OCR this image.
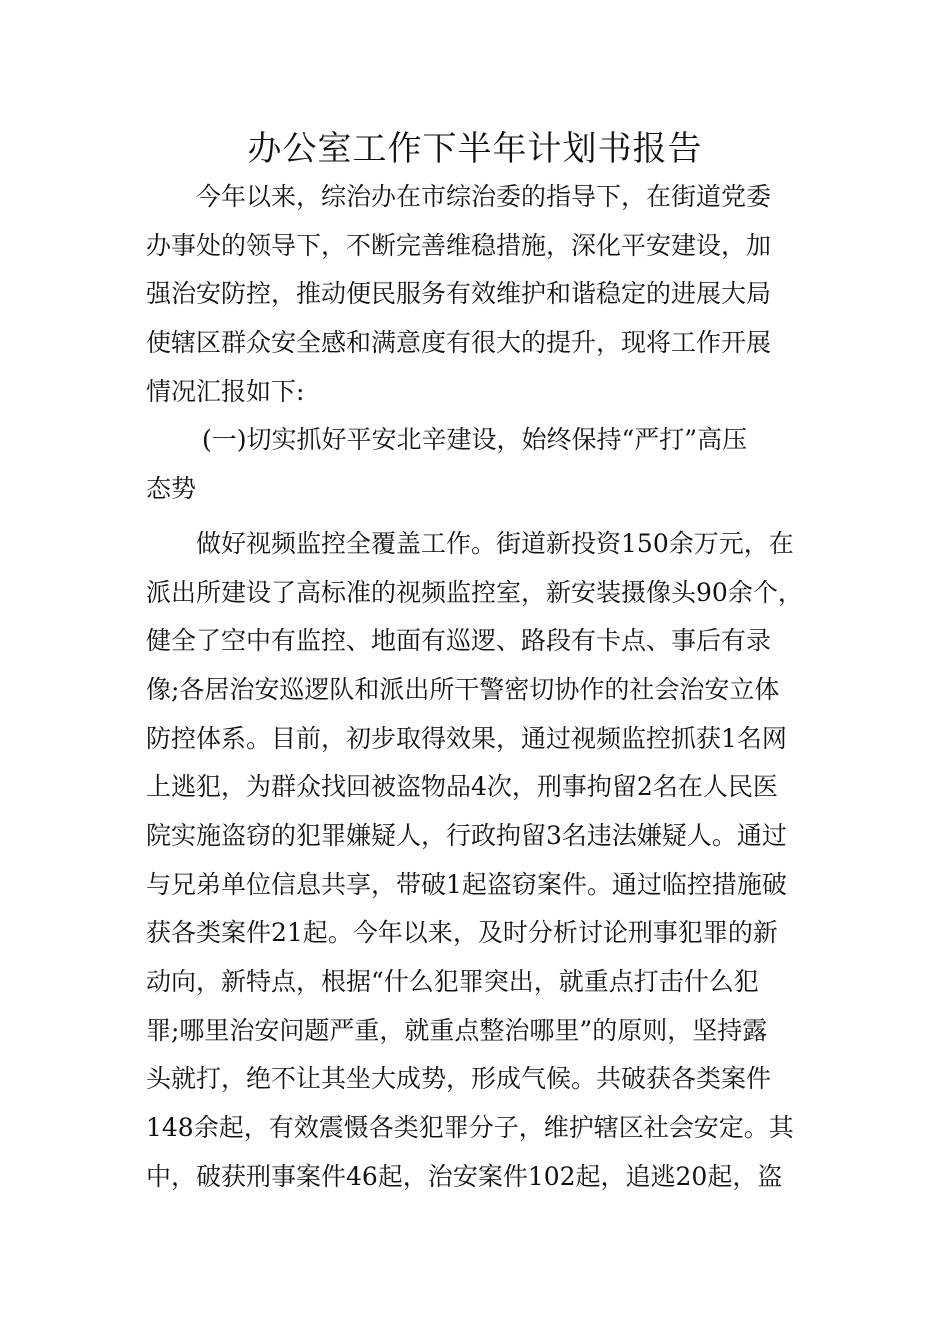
办公室工作下半年计划书报告
今年以来，综治办在市综治委的指导下，在街道党委
办事处的领导下，不断完善维稳措施，深化平安建设，加
强治安防控，推动便民服务有效维护和谐稳定的进展大局
使辖区群众安全感和满意度有很大的提升，现将工作开展
情况汇报如下:
(一)切实抓好平安北辛建设，始终保持“严打”高压
态势
做好视频监控全覆盖工作。街道新投资150余万元，在
派出所建设了高标准的视频监控室，新安装摄像头90余个，
健全了空中有监控、地面有巡逻、路段有卡点、事后有录
像;各居治安巡逻队和派出所干警密切协作的社会治安立体
防控体系。目前，初步取得效果，通过视频监控抓获1名网
上逃犯，为群众找回被盗物品4次，刑事拘留2名在人民医
院实施盗窃的犯罪嫌疑人，行政拘留3名违法嫌疑人。通过
与兄弟单位信息共享，带破1起盗窃案件。通过临控措施破
获各类案件21起。今年以来，及时分析讨论刑事犯罪的新
动向，新特点，根据“什么犯罪突出，就重点打击什么犯
罪;哪里治安问题严重，就重点整治哪里”的原则，坚持露
头就打，绝不让其坐大成势，形成气候。共破获各类案件
148余起，有效震慑各类犯罪分子，维护辖区社会安定。其
中，破获刑事案件46起，治安案件102起，追逃20起，盗
